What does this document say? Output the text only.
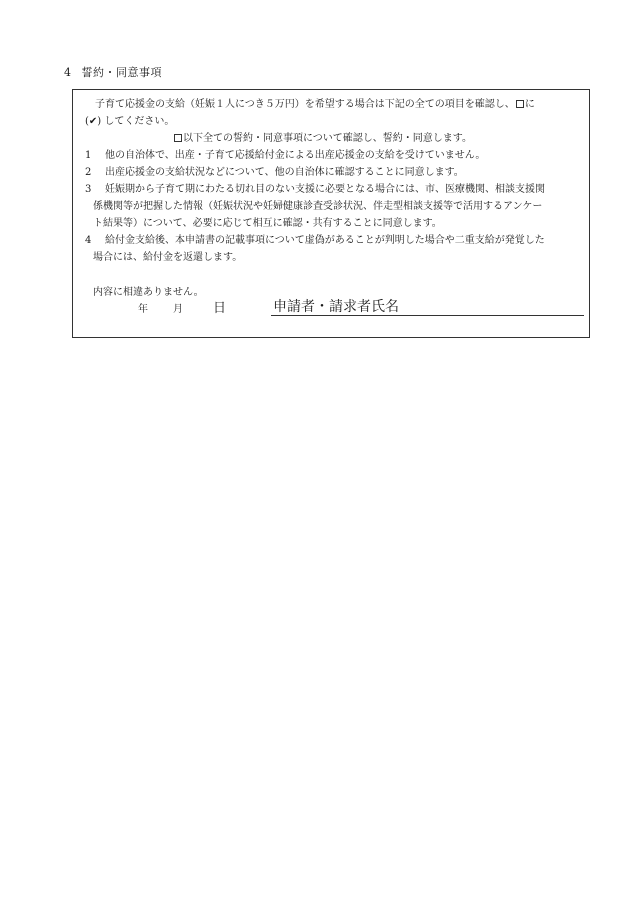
4 誓約・同意事項
子育て応援金の支給（妊娠１人につき５万円）を希望する場合は下記の全ての項目を確認し、 に
(✔) してください。
以下全ての誓約・同意事項について確認し、誓約・同意します。
1 他の自治体で、出産・子育て応援給付金による出産応援金の支給を受けていません。
2 出産応援金の支給状況などについて、他の自治体に確認することに同意します。
3 妊娠期から子育て期にわたる切れ目のない支援に必要となる場合には、市、医療機関、相談支援関
係機関等が把握した情報（妊娠状況や妊婦健康診査受診状況、伴走型相談支援等で活用するアンケー
ト結果等）について、必要に応じて相互に確認・共有することに同意します。
4 給付金支給後、本申請書の記載事項について虚偽があることが判明した場合や二重支給が発覚した
場合には、給付金を返還します。
内容に相違ありません。
年	月 日	申請者・請求者氏名
